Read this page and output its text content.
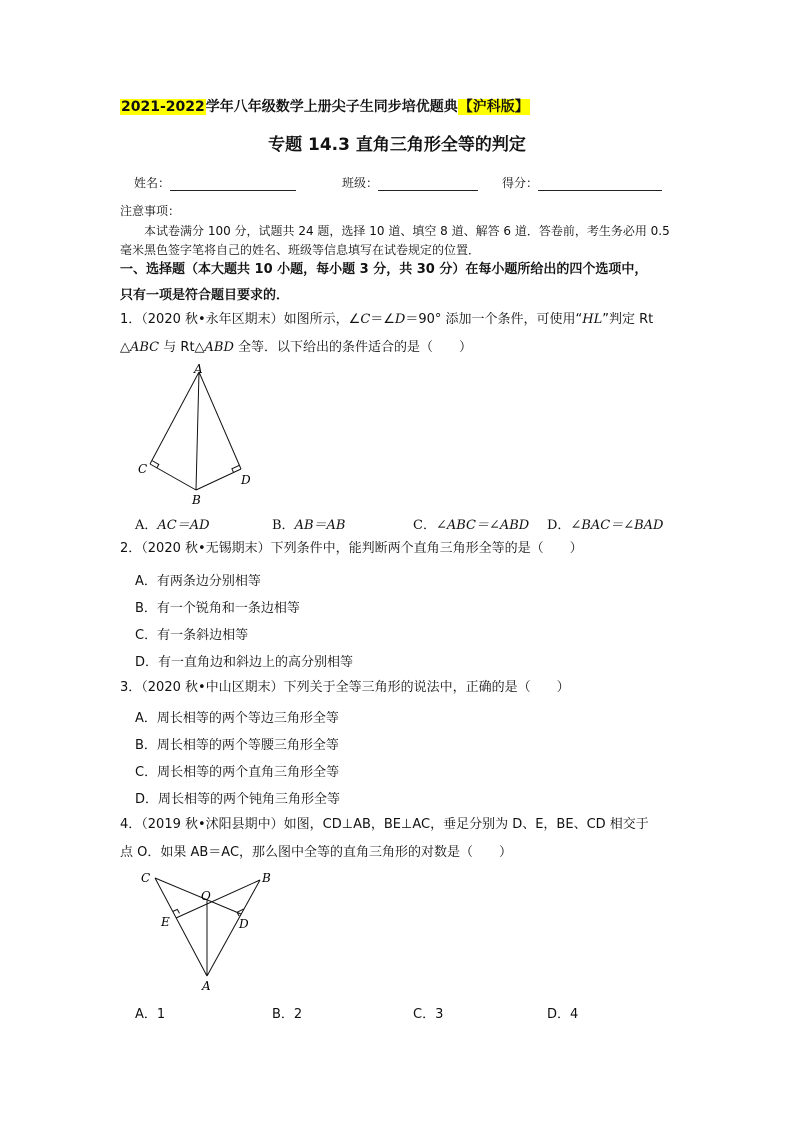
2021-2022学年八年级数学上册尖子生同步培优题典【沪科版】
专题 14.3 直角三角形全等的判定
姓名：	班级：	得分：
注意事项：
本试卷满分 100 分，试题共 24 题，选择 10 道、填空 8 道、解答 6 道．答卷前，考生务必用 0.5 毫米黑色签字笔将自己的姓名、班级等信息填写在试卷规定的位置．
一、选择题（本大题共 10 小题，每小题 3 分，共 30 分）在每小题所给出的四个选项中，
只有一项是符合题目要求的．
1．（2020 秋•永年区期末）如图所示，∠C＝∠D＝90° 添加一个条件，可使用“HL”判定 Rt
△ABC 与 Rt△ABD 全等．以下给出的条件适合的是（　　）
A
C
B
D
A．AC＝AD	B．AB＝AB	C．∠ABC＝∠ABD D．∠BAC＝∠BAD
2．（2020 秋•无锡期末）下列条件中，能判断两个直角三角形全等的是（　　）
A．有两条边分别相等
B．有一个锐角和一条边相等
C．有一条斜边相等
D．有一直角边和斜边上的高分别相等
3．（2020 秋•中山区期末）下列关于全等三角形的说法中，正确的是（　　）
A．周长相等的两个等边三角形全等
B．周长相等的两个等腰三角形全等
C．周长相等的两个直角三角形全等
D．周长相等的两个钝角三角形全等
4．（2019 秋•沭阳县期中）如图，CD⊥AB，BE⊥AC，垂足分别为 D、E，BE、CD 相交于
点 O．如果 AB＝AC，那么图中全等的直角三角形的对数是（　　）
C	B
O
E	D
A
A．1	B．2	C．3	D．4
